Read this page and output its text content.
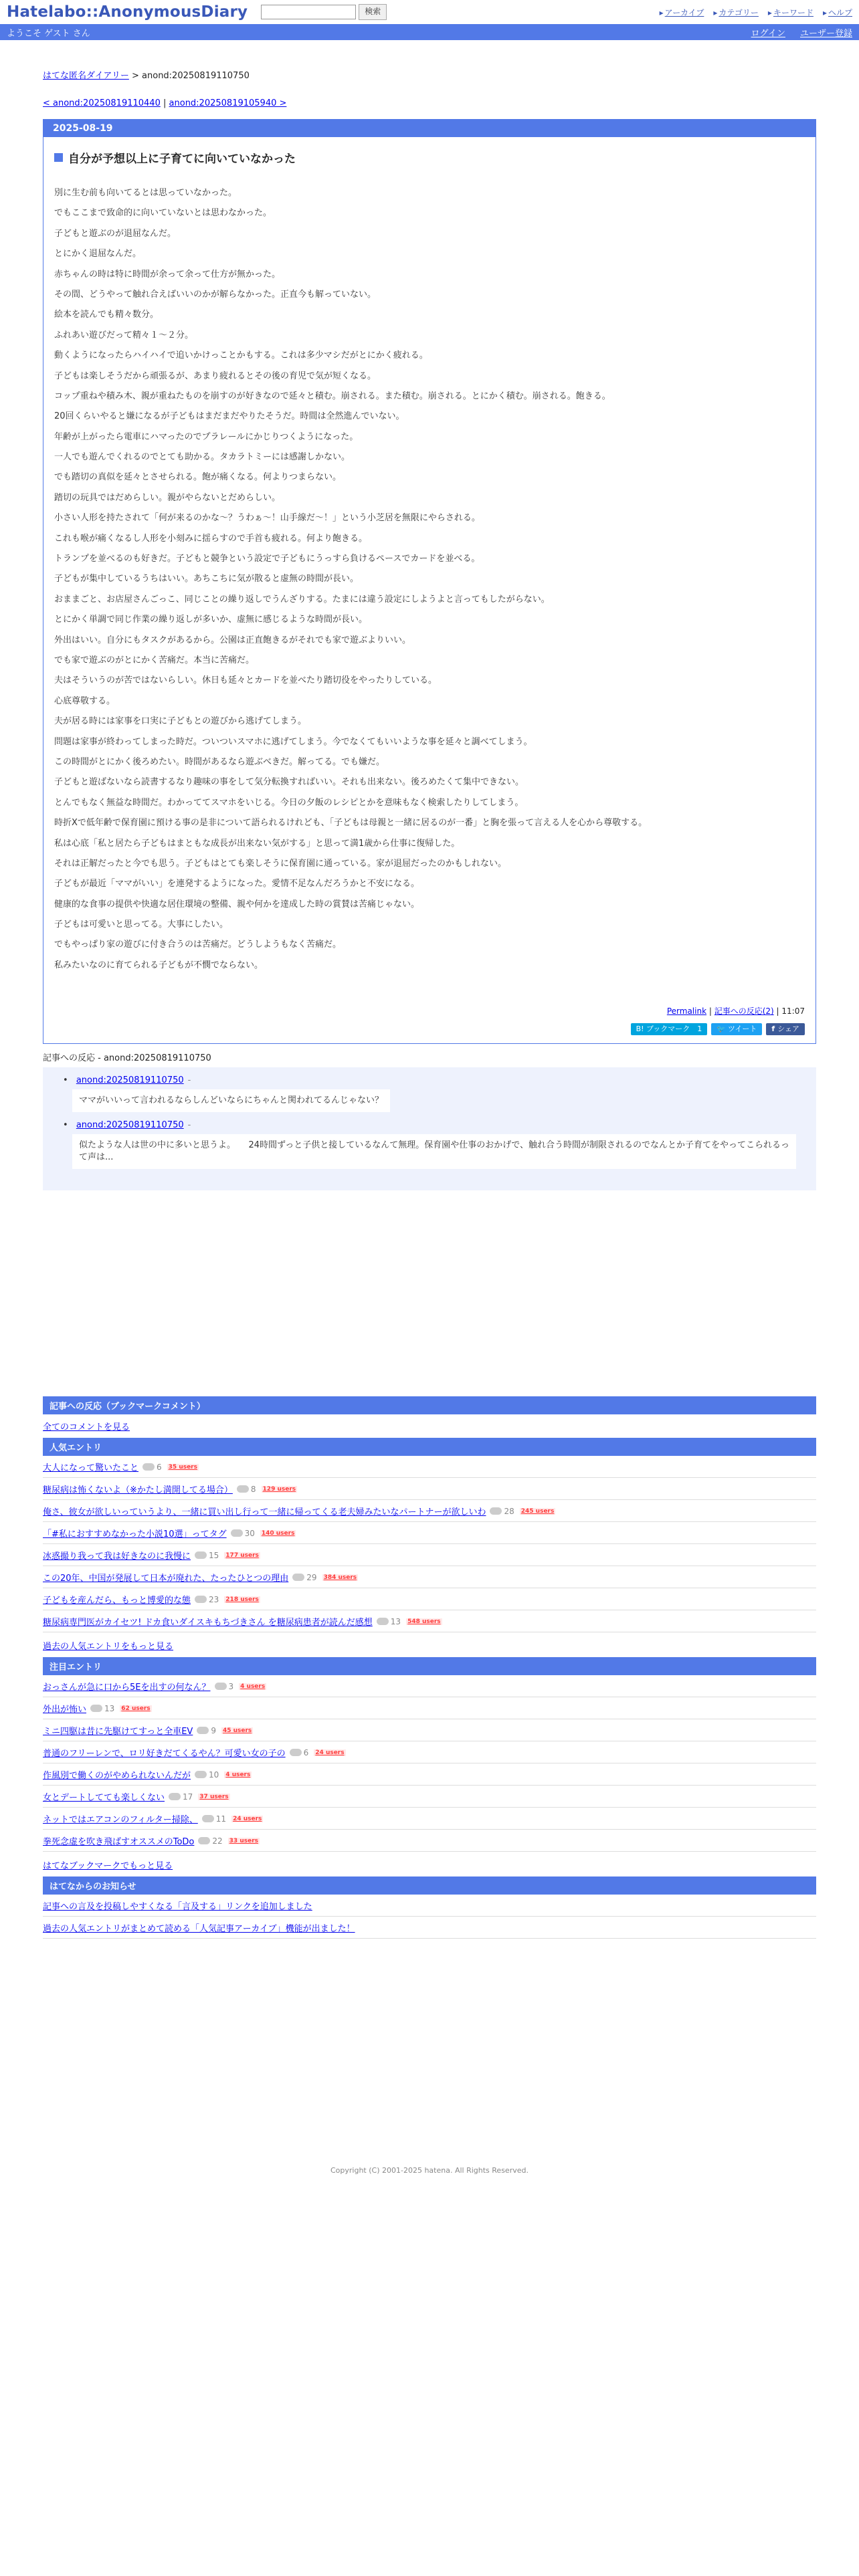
Hatelabo::AnonymousDiary	検索	▸ アーカイブ	▸ カテゴリー	▸ キーワード	▸ ヘルプ
ようこそ ゲスト さん	ログイン ユーザー登録
はてな匿名ダイアリー > anond:20250819110750
< anond:20250819110440 | anond:20250819105940 >
2025-08-19
自分が予想以上に子育てに向いていなかった

別に生む前も向いてるとは思っていなかった。

でもここまで致命的に向いていないとは思わなかった。

子どもと遊ぶのが退屈なんだ。

とにかく退屈なんだ。

赤ちゃんの時は特に時間が余って余って仕方が無かった。

その間、どうやって触れ合えばいいのかが解らなかった。正直今も解っていない。

絵本を読んでも精々数分。

ふれあい遊びだって精々１～２分。

動くようになったらハイハイで追いかけっことかもする。これは多少マシだがとにかく疲れる。

子どもは楽しそうだから頑張るが、あまり疲れるとその後の育児で気が短くなる。

コップ重ねや積み木、親が重ねたものを崩すのが好きなので延々と積む。崩される。また積む。崩される。とにかく積む。崩される。飽きる。

20回くらいやると嫌になるが子どもはまだまだやりたそうだ。時間は全然進んでいない。

年齢が上がったら電車にハマったのでプラレールにかじりつくようになった。

一人でも遊んでくれるのでとても助かる。タカラトミーには感謝しかない。

でも踏切の真似を延々とさせられる。飽が痛くなる。何よりつまらない。

踏切の玩具ではだめらしい。親がやらないとだめらしい。

小さい人形を持たされて「何が来るのかな〜？うわぁ〜！山手線だ〜！」という小芝居を無限にやらされる。

これも喉が痛くなるし人形を小刻みに揺らすので手首も疲れる。何より飽きる。

トランプを並べるのも好きだ。子どもと競争という設定で子どもにうっすら負けるペースでカードを並べる。

子どもが集中しているうちはいい。あちこちに気が散ると虚無の時間が長い。

おままごと、お店屋さんごっこ、同じことの繰り返しでうんざりする。たまには違う設定にしようよと言ってもしたがらない。

とにかく単調で同じ作業の繰り返しが多いか、虚無に感じるような時間が長い。

外出はいい。自分にもタスクがあるから。公園は正直飽きるがそれでも家で遊ぶよりいい。

でも家で遊ぶのがとにかく苦痛だ。本当に苦痛だ。

夫はそういうのが苦ではないらしい。休日も延々とカードを並べたり踏切役をやったりしている。

心底尊敬する。

夫が居る時には家事を口実に子どもとの遊びから逃げてしまう。

問題は家事が終わってしまった時だ。ついついスマホに逃げてしまう。今でなくてもいいような事を延々と調べてしまう。

この時間がとにかく後ろめたい。時間があるなら遊ぶべきだ。解ってる。でも嫌だ。

子どもと遊ばないなら読書するなり趣味の事をして気分転換すればいい。それも出来ない。後ろめたくて集中できない。

とんでもなく無益な時間だ。わかっててスマホをいじる。今日の夕飯のレシピとかを意味もなく検索したりしてしまう。

時折Xで低年齢で保育園に預ける事の是非について語られるけれども、「子どもは母親と一緒に居るのが一番」と胸を張って言える人を心から尊敬する。

私は心底「私と居たら子どもはまともな成長が出来ない気がする」と思って満1歳から仕事に復帰した。

それは正解だったと今でも思う。子どもはとても楽しそうに保育園に通っている。家が退屈だったのかもしれない。

子どもが最近「ママがいい」を連発するようになった。愛情不足なんだろうかと不安になる。

健康的な食事の提供や快適な居住環境の整備、親や何かを達成した時の賞賛は苦痛じゃない。

子どもは可愛いと思ってる。大事にしたい。

でもやっぱり家の遊びに付き合うのは苦痛だ。どうしようもなく苦痛だ。

私みたいなのに育てられる子どもが不憫でならない。

Permalink | 記事への反応(2) | 11:07
B! ブックマーク　1	🐦 ツイート	f シェア
記事への反応 - anond:20250819110750
• anond:20250819110750 -
ママがいいって言われるならしんどいならにちゃんと関われてるんじゃない？
• anond:20250819110750 -
似たような人は世の中に多いと思うよ。　　24時間ずっと子供と接しているなんて無理。保育園や仕事のおかげで、触れ合う時間が制限されるのでなんとか子育てをやってこられるって声は...
記事への反応（ブックマークコメント）
全てのコメントを見る
人気エントリ
大人になって驚いたこと 6 35 users
糖尿病は怖くないよ（※かたし満開してる場合） 8 129 users
俺さ、彼女が欲しいっていうより、一緒に買い出し行って一緒に帰ってくる老夫婦みたいなパートナーが欲しいわ 28 245 users
「#私におすすめなかった小説10選」ってタグ 30 140 users
冰惑撮り我って我は好きなのに我慢に 15 177 users
この20年、中国が発展して日本が廃れた、たったひとつの理由 29 384 users
子どもを産んだら、もっと博愛的な態 23 218 users
糖尿病専門医がカイセツ! ドカ食いダイスキもちづきさん を糖尿病患者が読んだ感想 13 548 users
過去の人気エントリをもっと見る
注目エントリ
おっさんが急に口から5Eを出すの何なん？ 3 4 users
外出が怖い 13 62 users
ミニ四駆は昔に先駆けてすっと全車EV 9 45 users
普通のフリーレンで、ロリ好きだてくるやん？可愛い女の子の 6 24 users
作風別で働くのがやめられないんだが 10 4 users
女とデートしてても楽しくない 17 37 users
ネットではエアコンのフィルター掃除、 11 24 users
拳死念虚を吹き飛ばすオススメのToDo 22 33 users
はてなブックマークでもっと見る
はてなからのお知らせ
記事への言及を投稿しやすくなる「言及する」リンクを追加しました
過去の人気エントリがまとめて読める「人気記事アーカイブ」機能が出ました！
Copyright (C) 2001-2025 hatena. All Rights Reserved.
